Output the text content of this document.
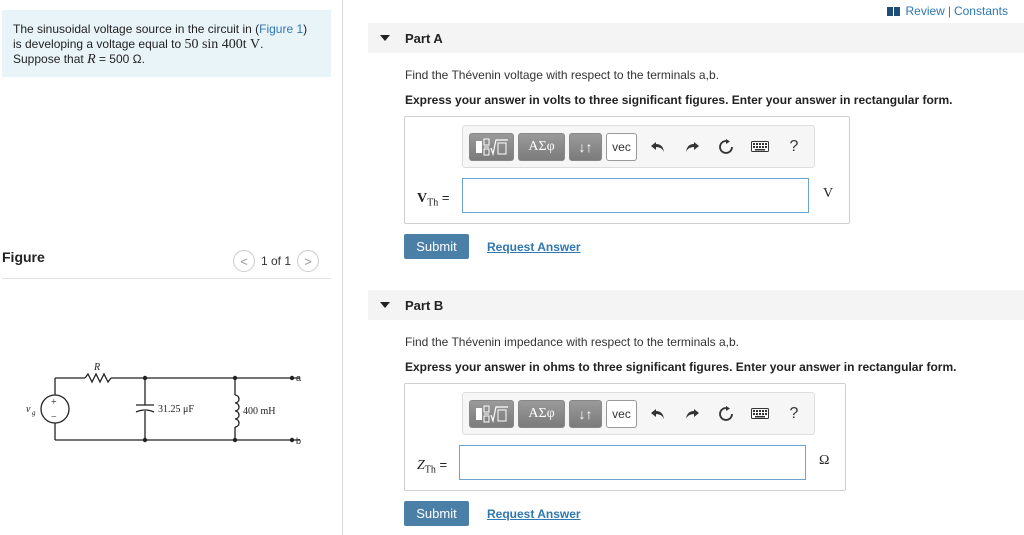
The sinusoidal voltage source in the circuit in (Figure 1)
is developing a voltage equal to 50 sin 400t V.
Suppose that R = 500 Ω.
Figure	< 1 of 1 >
v g
+
−
R
31.25 μF	400 mH
a
b
Review | Constants
Part A
Find the Thévenin voltage with respect to the terminals a,b.
Express your answer in volts to three significant figures. Enter your answer in rectangular form.
ΑΣφ	↓↑	vec	?
$V_{Th}$ =	V
Submit	Request Answer
Part B
Find the Thévenin impedance with respect to the terminals a,b.
Express your answer in ohms to three significant figures. Enter your answer in rectangular form.
ΑΣφ	↓↑	vec	?
$Z_{Th}$ =	Ω
Submit	Request Answer
